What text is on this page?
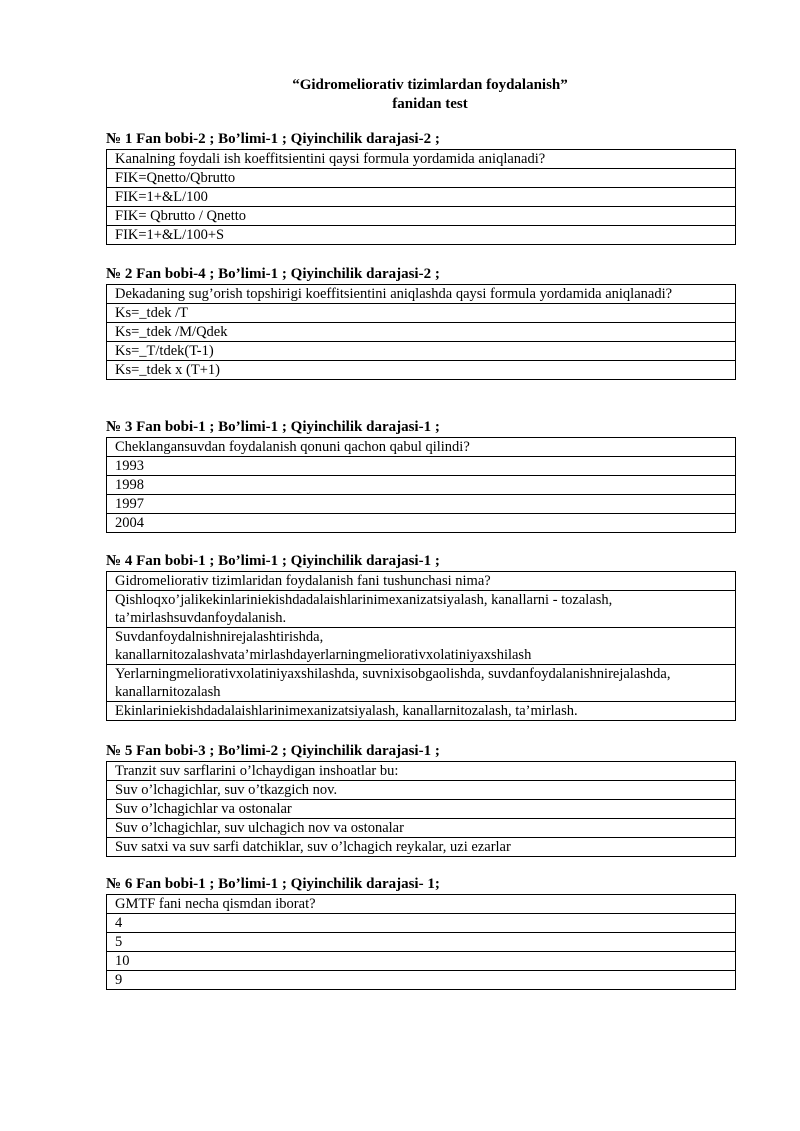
“Gidromeliorativ tizimlardan foydalanish”
fanidan test
№ 1 Fan bobi-2 ; Bo’limi-1 ; Qiyinchilik darajasi-2 ;
Kanalning foydali ish koeffitsientini qaysi formula yordamida aniqlanadi?
FIK=Qnetto/Qbrutto
FIK=1+&L/100
FIK= Qbrutto / Qnetto
FIK=1+&L/100+S
№ 2 Fan bobi-4 ; Bo’limi-1 ; Qiyinchilik darajasi-2 ;
Dekadaning sug’orish topshirigi koeffitsientini aniqlashda qaysi formula yordamida aniqlanadi?
Ks=_tdek /T
Ks=_tdek /M/Qdek
Ks=_T/tdek(T-1)
Ks=_tdek x (T+1)
№ 3 Fan bobi-1 ; Bo’limi-1 ; Qiyinchilik darajasi-1 ;
Cheklangansuvdan foydalanish qonuni qachon qabul qilindi?
1993
1998
1997
2004
№ 4 Fan bobi-1 ; Bo’limi-1 ; Qiyinchilik darajasi-1 ;
Gidromeliorativ tizimlaridan foydalanish fani tushunchasi nima?
Qishloqxo’jalikekinlariniekishdadalaishlarinimexanizatsiyalash, kanallarni - tozalash, ta’mirlashsuvdanfoydalanish.
Suvdanfoydalnishnirejalashtirishda, kanallarnitozalashvata’mirlashdayerlarningmeliorativxolatiniyaxshilash
Yerlarningmeliorativxolatiniyaxshilashda, suvnixisobgaolishda, suvdanfoydalanishnirejalashda, kanallarnitozalash
Ekinlariniekishdadalaishlarinimexanizatsiyalash, kanallarnitozalash, ta’mirlash.
№ 5 Fan bobi-3 ; Bo’limi-2 ; Qiyinchilik darajasi-1 ;
Tranzit suv sarflarini o’lchaydigan inshoatlar bu:
Suv o’lchagichlar, suv o’tkazgich nov.
Suv o’lchagichlar va ostonalar
Suv o’lchagichlar, suv ulchagich nov va ostonalar
Suv satxi va suv sarfi datchiklar, suv o’lchagich reykalar, uzi ezarlar
№ 6 Fan bobi-1 ; Bo’limi-1 ; Qiyinchilik darajasi- 1;
GMTF fani necha qismdan iborat?
4
5
10
9
